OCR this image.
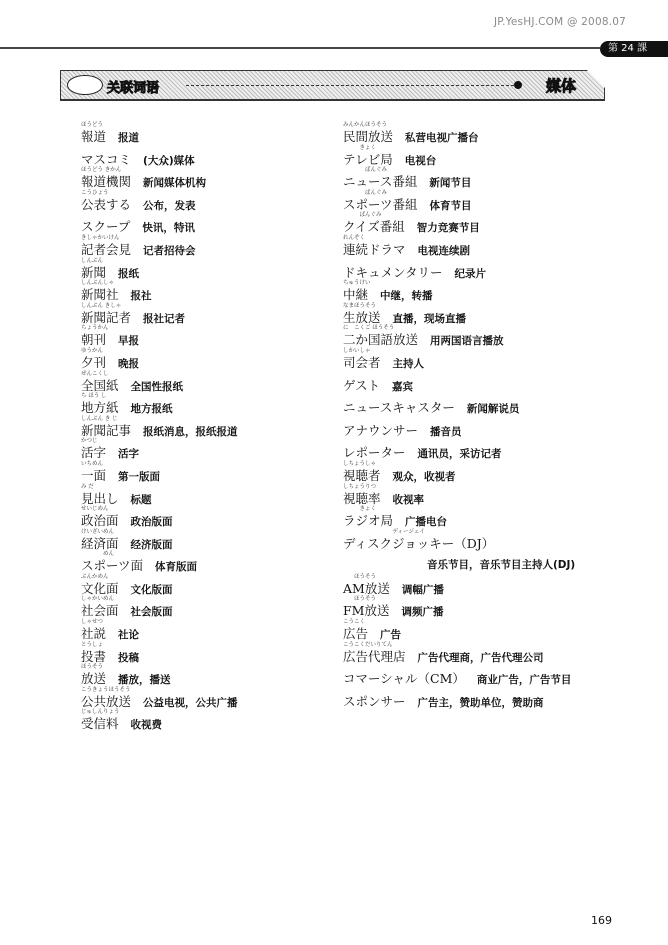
JP.YesHJ.COM @ 2008.07
第 24 課
关联词语	媒体
ほうどう
報道 报道
マスコミ (大众)媒体
ほうどう きかん
報道機関 新闻媒体机构
こうひょう
公表する 公布，发表
スクープ 快讯，特讯
きしゃかいけん
記者会見 记者招待会
しんぶん
新聞 报纸
しんぶんしゃ
新聞社 报社
しんぶん きしゃ
新聞記者 报社记者
ちょうかん
朝刊 早报
ゆうかん
夕刊 晚报
ぜんこくし
全国紙 全国性报纸
ち ほう し
地方紙 地方报纸
しんぶん き じ
新聞記事 报纸消息，报纸报道
かつじ
活字 活字
いちめん
一面 第一版面
み だ
見出し 标题
せいじめん
政治面 政治版面
けいざいめん
経済面 经济版面
　　　　めん
スポーツ面 体育版面
ぶんかめん
文化面 文化版面
しゃかいめん
社会面 社会版面
しゃせつ
社説 社论
とうしょ
投書 投稿
ほうそう
放送 播放，播送
こうきょうほうそう
公共放送 公益电视，公共广播
じゅしんりょう
受信料 收视费
みんかんほうそう
民間放送 私营电视广播台
　　　きょく
テレビ局 电视台
　　　　ばんぐみ
ニュース番組 新闻节目
　　　　ばんぐみ
スポーツ番組 体育节目
　　　ばんぐみ
クイズ番組 智力竞赛节目
れんぞく
連続ドラマ 电视连续剧
ドキュメンタリー 纪录片
ちゅうけい
中継 中继，转播
なまほうそう
生放送 直播，现场直播
に　こくご ほうそう
二か国語放送 用两国语言播放
しかいしゃ
司会者 主持人
ゲスト 嘉宾
ニュースキャスター 新闻解说员
アナウンサー 播音员
レポーター 通讯员，采访记者
しちょうしゃ
視聴者 观众，收视者
しちょうりつ
視聴率 收视率
　　　きょく
ラジオ局 广播电台
　　　　　　　　　ディージェイ
ディスクジョッキー（DJ）
音乐节目，音乐节目主持人(DJ)
　　ほうそう
AM放送 调幅广播
　　ほうそう
FM放送 调频广播
こうこく
広告 广告
こうこくだいりてん
広告代理店 广告代理商，广告代理公司
コマーシャル（CM） 商业广告，广告节目
スポンサー 广告主，赞助单位，赞助商
169
